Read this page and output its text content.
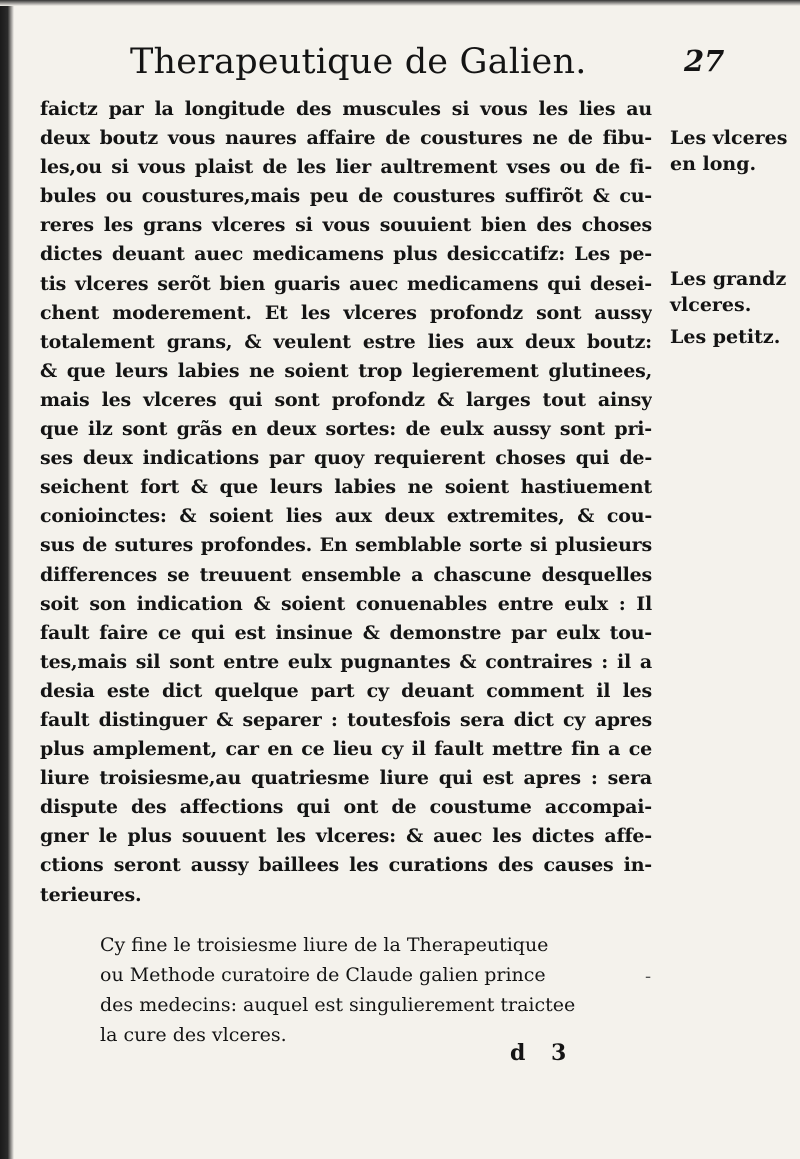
Therapeutique de Galien.	27
faictz par la longitude des muscules si vous les lies au
deux boutz vous naures affaire de coustures ne de fibu-
les,ou si vous plaist de les lier aultrement vses ou de fi-
bules ou coustures,mais peu de coustures suffirõt & cu-
reres les grans vlceres si vous souuient bien des choses
dictes deuant auec medicamens plus desiccatifz: Les pe-
tis vlceres serõt bien guaris auec medicamens qui desei-
chent moderement. Et les vlceres profondz sont aussy
totalement grans, & veulent estre lies aux deux boutz:
& que leurs labies ne soient trop legierement glutinees,
mais les vlceres qui sont profondz & larges tout ainsy
que ilz sont grãs en deux sortes: de eulx aussy sont pri-
ses deux indications par quoy requierent choses qui de-
seichent fort & que leurs labies ne soient hastiuement
conioinctes: & soient lies aux deux extremites, & cou-
sus de sutures profondes. En semblable sorte si plusieurs
differences se treuuent ensemble a chascune desquelles
soit son indication & soient conuenables entre eulx : Il
fault faire ce qui est insinue & demonstre par eulx tou-
tes,mais sil sont entre eulx pugnantes & contraires : il a
desia este dict quelque part cy deuant comment il les
fault distinguer & separer : toutesfois sera dict cy apres
plus amplement, car en ce lieu cy il fault mettre fin a ce
liure troisiesme,au quatriesme liure qui est apres : sera
dispute des affections qui ont de coustume accompai-
gner le plus souuent les vlceres: & auec les dictes affe-
ctions seront aussy baillees les curations des causes in-
terieures.
Les vlceres
en long.
Les grandz
vlceres.
Les petitz.
Cy fine le troisiesme liure de la Therapeutique
ou Methode curatoire de Claude galien prince
des medecins: auquel est singulierement traictee
la cure des vlceres.
-
d 3
